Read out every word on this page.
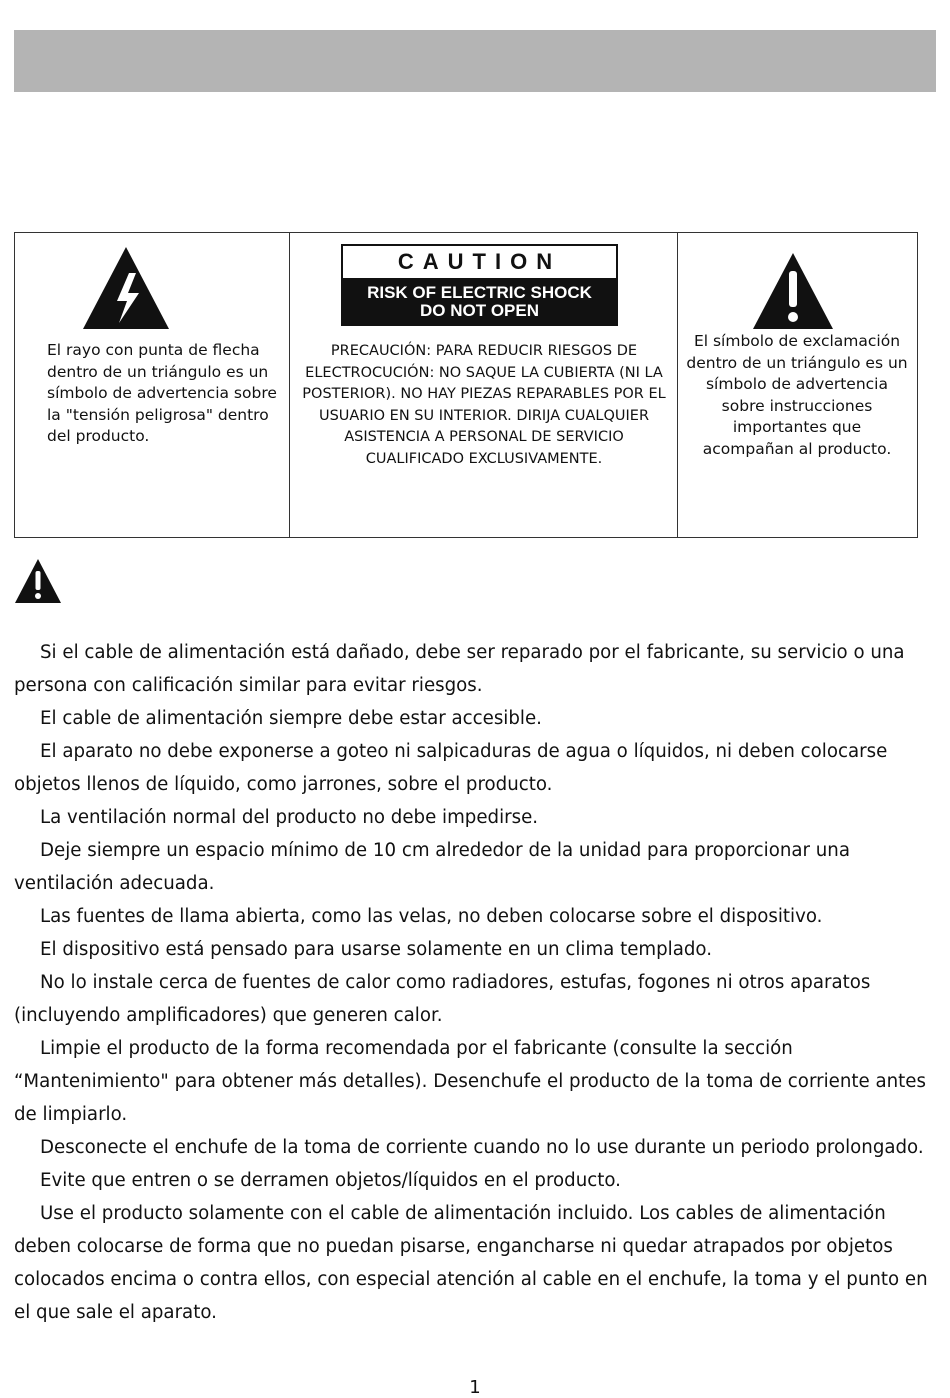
El rayo con punta de flecha dentro de un triángulo es un símbolo de advertencia sobre la "tensión peligrosa" dentro del producto.
CAUTION
RISK OF ELECTRIC SHOCK
DO NOT OPEN
PRECAUCIÓN: PARA REDUCIR RIESGOS DE ELECTROCUCIÓN: NO SAQUE LA CUBIERTA (NI LA POSTERIOR). NO HAY PIEZAS REPARABLES POR EL USUARIO EN SU INTERIOR. DIRIJA CUALQUIER ASISTENCIA A PERSONAL DE SERVICIO CUALIFICADO EXCLUSIVAMENTE.
El símbolo de exclamación dentro de un triángulo es un símbolo de advertencia sobre instrucciones importantes que acompañan al producto.

Si el cable de alimentación está dañado, debe ser reparado por el fabricante, su servicio o una persona con calificación similar para evitar riesgos.

El cable de alimentación siempre debe estar accesible.

El aparato no debe exponerse a goteo ni salpicaduras de agua o líquidos, ni deben colocarse objetos llenos de líquido, como jarrones, sobre el producto.

La ventilación normal del producto no debe impedirse.

Deje siempre un espacio mínimo de 10 cm alrededor de la unidad para proporcionar una ventilación adecuada.

Las fuentes de llama abierta, como las velas, no deben colocarse sobre el dispositivo.

El dispositivo está pensado para usarse solamente en un clima templado.

No lo instale cerca de fuentes de calor como radiadores, estufas, fogones ni otros aparatos (incluyendo amplificadores) que generen calor.

Limpie el producto de la forma recomendada por el fabricante (consulte la sección “Mantenimiento" para obtener más detalles). Desenchufe el producto de la toma de corriente antes de limpiarlo.

Desconecte el enchufe de la toma de corriente cuando no lo use durante un periodo prolongado.

Evite que entren o se derramen objetos/líquidos en el producto.

Use el producto solamente con el cable de alimentación incluido. Los cables de alimentación deben colocarse de forma que no puedan pisarse, engancharse ni quedar atrapados por objetos colocados encima o contra ellos, con especial atención al cable en el enchufe, la toma y el punto en el que sale el aparato.

1
